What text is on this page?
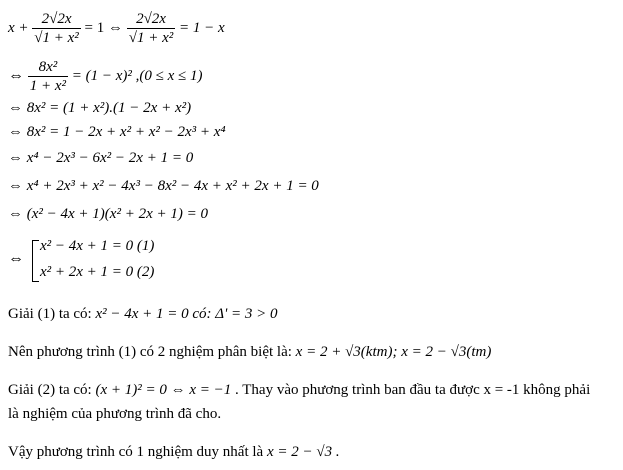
$x + \frac{2√2x}{\text{√1 + x²}} = 1$ ⇔ $\frac{2√2x}{\text{√1 + x²}} = 1 - x$
⇔ $\frac{\text{8x²}}{\text{1 + x²}} = (1 - x)^2$ ,(0 ≤ x ≤ 1)
⇔ 8x² = (1 + x²).(1 − 2x + x²)
⇔ 8x² = 1 − 2x + x² + x² − 2x³ + x⁴
⇔ x⁴ − 2x³ − 6x² − 2x + 1 = 0
⇔ x⁴ + 2x³ + x² − 4x³ − 8x² − 4x + x² + 2x + 1 = 0
⇔ (x² − 4x + 1)(x² + 2x + 1) = 0
⇔
x² − 4x + 1 = 0 (1)
x² + 2x + 1 = 0 (2)
Giải (1) ta có: x² − 4x + 1 = 0 có: Δ' = 3 > 0
Nên phương trình (1) có 2 nghiệm phân biệt là: x = 2 + √3(ktm); x = 2 − √3(tm)
Giải (2) ta có: (x + 1)² = 0 ⇔ x = −1 . Thay vào phương trình ban đầu ta được x = -1 không phải
là nghiệm của phương trình đã cho.
Vậy phương trình có 1 nghiệm duy nhất là x = 2 − √3 .
